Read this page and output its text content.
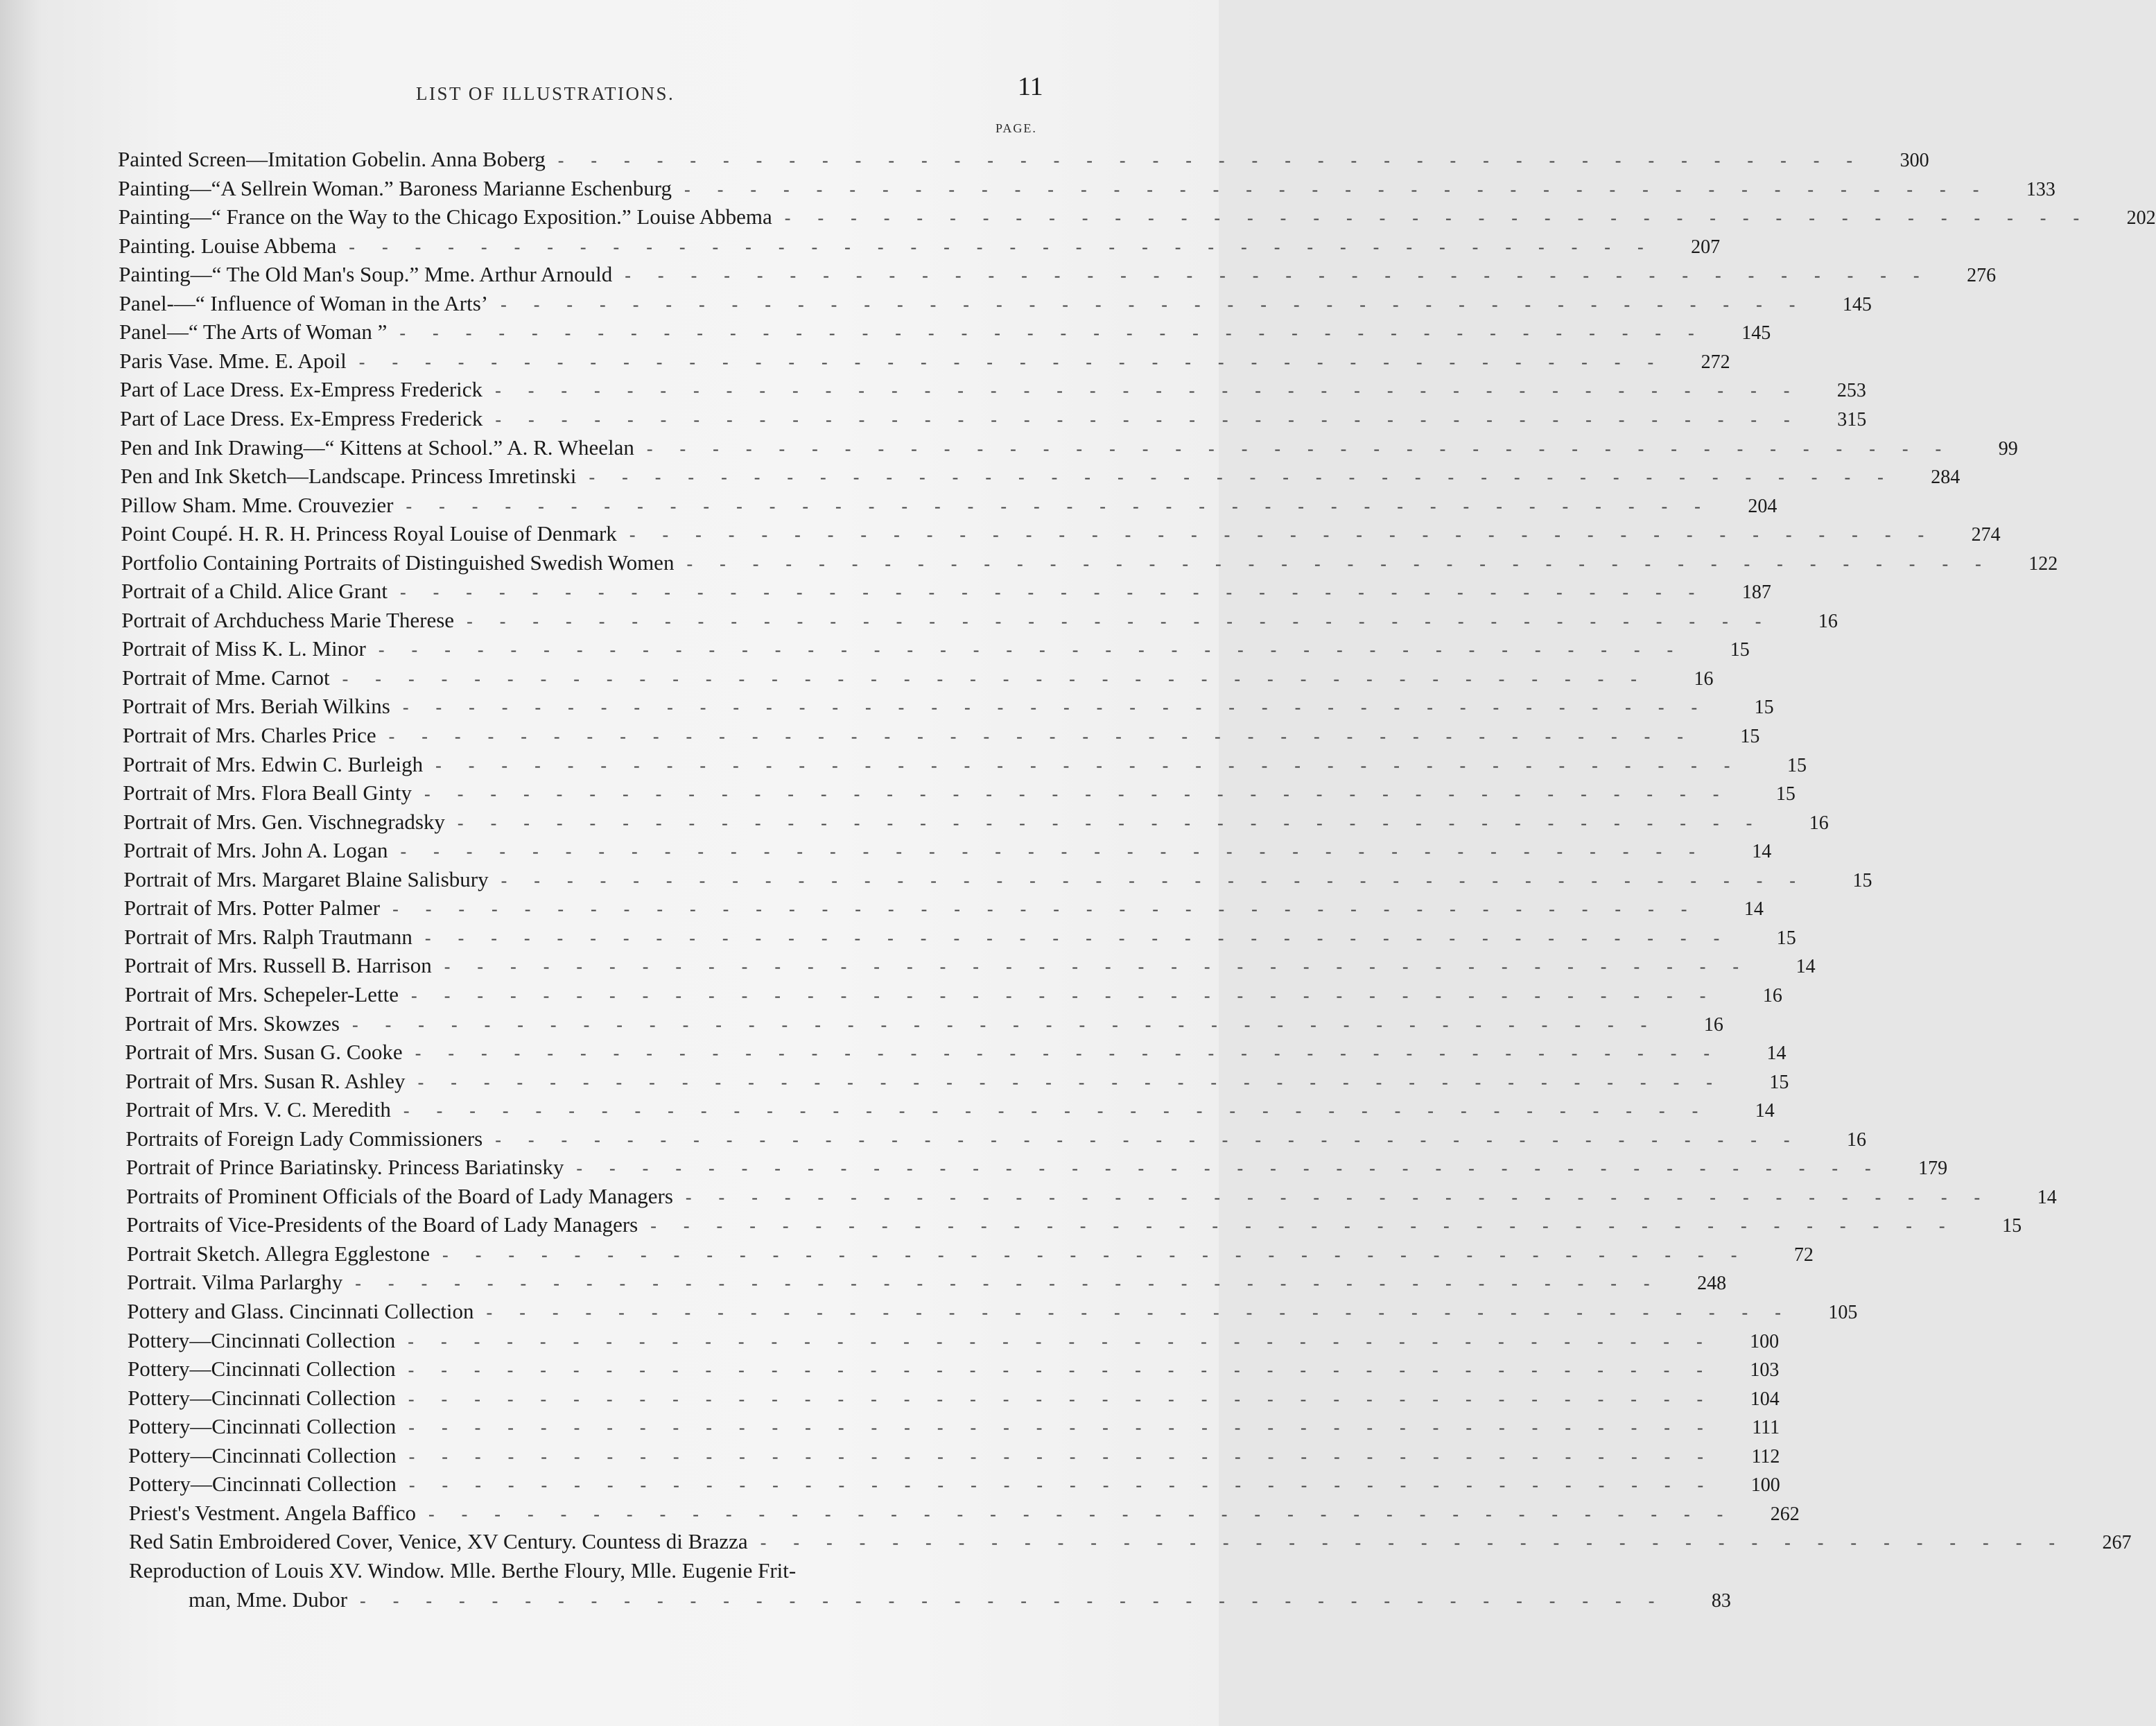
LIST OF ILLUSTRATIONS.	11
PAGE.
Painted Screen—Imitation Gobelin. Anna Boberg -      -      -      -      -      -      -      -      -      -      -      -      -      -      -      -      -      -      -      -      -      -      -      -      -      -      -      -      -      -      -      -      -      -      -      -      -      -      -      -	300
Painting—“A Sellrein Woman.” Baroness Marianne Eschenburg -      -      -      -      -      -      -      -      -      -      -      -      -      -      -      -      -      -      -      -      -      -      -      -      -      -      -      -      -      -      -      -      -      -      -      -      -      -      -      -	133
Painting—“ France on the Way to the Chicago Exposition.” Louise Abbema -      -      -      -      -      -      -      -      -      -      -      -      -      -      -      -      -      -      -      -      -      -      -      -      -      -      -      -      -      -      -      -      -      -      -      -      -      -      -      -	202
Painting. Louise Abbema -      -      -      -      -      -      -      -      -      -      -      -      -      -      -      -      -      -      -      -      -      -      -      -      -      -      -      -      -      -      -      -      -      -      -      -      -      -      -      -	207
Painting—“ The Old Man's Soup.” Mme. Arthur Arnould -      -      -      -      -      -      -      -      -      -      -      -      -      -      -      -      -      -      -      -      -      -      -      -      -      -      -      -      -      -      -      -      -      -      -      -      -      -      -      -	276
Panel-—“ Influence of Woman in the Arts’ -      -      -      -      -      -      -      -      -      -      -      -      -      -      -      -      -      -      -      -      -      -      -      -      -      -      -      -      -      -      -      -      -      -      -      -      -      -      -      -	145
Panel—“ The Arts of Woman ” -      -      -      -      -      -      -      -      -      -      -      -      -      -      -      -      -      -      -      -      -      -      -      -      -      -      -      -      -      -      -      -      -      -      -      -      -      -      -      -	145
Paris Vase. Mme. E. Apoil -      -      -      -      -      -      -      -      -      -      -      -      -      -      -      -      -      -      -      -      -      -      -      -      -      -      -      -      -      -      -      -      -      -      -      -      -      -      -      -	272
Part of Lace Dress. Ex-Empress Frederick -      -      -      -      -      -      -      -      -      -      -      -      -      -      -      -      -      -      -      -      -      -      -      -      -      -      -      -      -      -      -      -      -      -      -      -      -      -      -      -	253
Part of Lace Dress. Ex-Empress Frederick -      -      -      -      -      -      -      -      -      -      -      -      -      -      -      -      -      -      -      -      -      -      -      -      -      -      -      -      -      -      -      -      -      -      -      -      -      -      -      -	315
Pen and Ink Drawing—“ Kittens at School.” A. R. Wheelan -      -      -      -      -      -      -      -      -      -      -      -      -      -      -      -      -      -      -      -      -      -      -      -      -      -      -      -      -      -      -      -      -      -      -      -      -      -      -      -	99
Pen and Ink Sketch—Landscape. Princess Imretinski -      -      -      -      -      -      -      -      -      -      -      -      -      -      -      -      -      -      -      -      -      -      -      -      -      -      -      -      -      -      -      -      -      -      -      -      -      -      -      -	284
Pillow Sham. Mme. Crouvezier -      -      -      -      -      -      -      -      -      -      -      -      -      -      -      -      -      -      -      -      -      -      -      -      -      -      -      -      -      -      -      -      -      -      -      -      -      -      -      -	204
Point Coupé. H. R. H. Princess Royal Louise of Denmark -      -      -      -      -      -      -      -      -      -      -      -      -      -      -      -      -      -      -      -      -      -      -      -      -      -      -      -      -      -      -      -      -      -      -      -      -      -      -      -	274
Portfolio Containing Portraits of Distinguished Swedish Women -      -      -      -      -      -      -      -      -      -      -      -      -      -      -      -      -      -      -      -      -      -      -      -      -      -      -      -      -      -      -      -      -      -      -      -      -      -      -      -	122
Portrait of a Child. Alice Grant -      -      -      -      -      -      -      -      -      -      -      -      -      -      -      -      -      -      -      -      -      -      -      -      -      -      -      -      -      -      -      -      -      -      -      -      -      -      -      -	187
Portrait of Archduchess Marie Therese -      -      -      -      -      -      -      -      -      -      -      -      -      -      -      -      -      -      -      -      -      -      -      -      -      -      -      -      -      -      -      -      -      -      -      -      -      -      -      -	16
Portrait of Miss K. L. Minor -      -      -      -      -      -      -      -      -      -      -      -      -      -      -      -      -      -      -      -      -      -      -      -      -      -      -      -      -      -      -      -      -      -      -      -      -      -      -      -	15
Portrait of Mme. Carnot -      -      -      -      -      -      -      -      -      -      -      -      -      -      -      -      -      -      -      -      -      -      -      -      -      -      -      -      -      -      -      -      -      -      -      -      -      -      -      -	16
Portrait of Mrs. Beriah Wilkins -      -      -      -      -      -      -      -      -      -      -      -      -      -      -      -      -      -      -      -      -      -      -      -      -      -      -      -      -      -      -      -      -      -      -      -      -      -      -      -	15
Portrait of Mrs. Charles Price -      -      -      -      -      -      -      -      -      -      -      -      -      -      -      -      -      -      -      -      -      -      -      -      -      -      -      -      -      -      -      -      -      -      -      -      -      -      -      -	15
Portrait of Mrs. Edwin C. Burleigh -      -      -      -      -      -      -      -      -      -      -      -      -      -      -      -      -      -      -      -      -      -      -      -      -      -      -      -      -      -      -      -      -      -      -      -      -      -      -      -	15
Portrait of Mrs. Flora Beall Ginty -      -      -      -      -      -      -      -      -      -      -      -      -      -      -      -      -      -      -      -      -      -      -      -      -      -      -      -      -      -      -      -      -      -      -      -      -      -      -      -	15
Portrait of Mrs. Gen. Vischnegradsky -      -      -      -      -      -      -      -      -      -      -      -      -      -      -      -      -      -      -      -      -      -      -      -      -      -      -      -      -      -      -      -      -      -      -      -      -      -      -      -	16
Portrait of Mrs. John A. Logan -      -      -      -      -      -      -      -      -      -      -      -      -      -      -      -      -      -      -      -      -      -      -      -      -      -      -      -      -      -      -      -      -      -      -      -      -      -      -      -	14
Portrait of Mrs. Margaret Blaine Salisbury -      -      -      -      -      -      -      -      -      -      -      -      -      -      -      -      -      -      -      -      -      -      -      -      -      -      -      -      -      -      -      -      -      -      -      -      -      -      -      -	15
Portrait of Mrs. Potter Palmer -      -      -      -      -      -      -      -      -      -      -      -      -      -      -      -      -      -      -      -      -      -      -      -      -      -      -      -      -      -      -      -      -      -      -      -      -      -      -      -	14
Portrait of Mrs. Ralph Trautmann -      -      -      -      -      -      -      -      -      -      -      -      -      -      -      -      -      -      -      -      -      -      -      -      -      -      -      -      -      -      -      -      -      -      -      -      -      -      -      -	15
Portrait of Mrs. Russell B. Harrison -      -      -      -      -      -      -      -      -      -      -      -      -      -      -      -      -      -      -      -      -      -      -      -      -      -      -      -      -      -      -      -      -      -      -      -      -      -      -      -	14
Portrait of Mrs. Schepeler-Lette -      -      -      -      -      -      -      -      -      -      -      -      -      -      -      -      -      -      -      -      -      -      -      -      -      -      -      -      -      -      -      -      -      -      -      -      -      -      -      -	16
Portrait of Mrs. Skowzes -      -      -      -      -      -      -      -      -      -      -      -      -      -      -      -      -      -      -      -      -      -      -      -      -      -      -      -      -      -      -      -      -      -      -      -      -      -      -      -	16
Portrait of Mrs. Susan G. Cooke -      -      -      -      -      -      -      -      -      -      -      -      -      -      -      -      -      -      -      -      -      -      -      -      -      -      -      -      -      -      -      -      -      -      -      -      -      -      -      -	14
Portrait of Mrs. Susan R. Ashley -      -      -      -      -      -      -      -      -      -      -      -      -      -      -      -      -      -      -      -      -      -      -      -      -      -      -      -      -      -      -      -      -      -      -      -      -      -      -      -	15
Portrait of Mrs. V. C. Meredith -      -      -      -      -      -      -      -      -      -      -      -      -      -      -      -      -      -      -      -      -      -      -      -      -      -      -      -      -      -      -      -      -      -      -      -      -      -      -      -	14
Portraits of Foreign Lady Commissioners -      -      -      -      -      -      -      -      -      -      -      -      -      -      -      -      -      -      -      -      -      -      -      -      -      -      -      -      -      -      -      -      -      -      -      -      -      -      -      -	16
Portrait of Prince Bariatinsky. Princess Bariatinsky -      -      -      -      -      -      -      -      -      -      -      -      -      -      -      -      -      -      -      -      -      -      -      -      -      -      -      -      -      -      -      -      -      -      -      -      -      -      -      -	179
Portraits of Prominent Officials of the Board of Lady Managers -      -      -      -      -      -      -      -      -      -      -      -      -      -      -      -      -      -      -      -      -      -      -      -      -      -      -      -      -      -      -      -      -      -      -      -      -      -      -      -	14
Portraits of Vice-Presidents of the Board of Lady Managers -      -      -      -      -      -      -      -      -      -      -      -      -      -      -      -      -      -      -      -      -      -      -      -      -      -      -      -      -      -      -      -      -      -      -      -      -      -      -      -	15
Portrait Sketch. Allegra Egglestone -      -      -      -      -      -      -      -      -      -      -      -      -      -      -      -      -      -      -      -      -      -      -      -      -      -      -      -      -      -      -      -      -      -      -      -      -      -      -      -	72
Portrait. Vilma Parlarghy -      -      -      -      -      -      -      -      -      -      -      -      -      -      -      -      -      -      -      -      -      -      -      -      -      -      -      -      -      -      -      -      -      -      -      -      -      -      -      -	248
Pottery and Glass. Cincinnati Collection -      -      -      -      -      -      -      -      -      -      -      -      -      -      -      -      -      -      -      -      -      -      -      -      -      -      -      -      -      -      -      -      -      -      -      -      -      -      -      -	105
Pottery—Cincinnati Collection -      -      -      -      -      -      -      -      -      -      -      -      -      -      -      -      -      -      -      -      -      -      -      -      -      -      -      -      -      -      -      -      -      -      -      -      -      -      -      -	100
Pottery—Cincinnati Collection -      -      -      -      -      -      -      -      -      -      -      -      -      -      -      -      -      -      -      -      -      -      -      -      -      -      -      -      -      -      -      -      -      -      -      -      -      -      -      -	103
Pottery—Cincinnati Collection -      -      -      -      -      -      -      -      -      -      -      -      -      -      -      -      -      -      -      -      -      -      -      -      -      -      -      -      -      -      -      -      -      -      -      -      -      -      -      -	104
Pottery—Cincinnati Collection -      -      -      -      -      -      -      -      -      -      -      -      -      -      -      -      -      -      -      -      -      -      -      -      -      -      -      -      -      -      -      -      -      -      -      -      -      -      -      -	111
Pottery—Cincinnati Collection -      -      -      -      -      -      -      -      -      -      -      -      -      -      -      -      -      -      -      -      -      -      -      -      -      -      -      -      -      -      -      -      -      -      -      -      -      -      -      -	112
Pottery—Cincinnati Collection -      -      -      -      -      -      -      -      -      -      -      -      -      -      -      -      -      -      -      -      -      -      -      -      -      -      -      -      -      -      -      -      -      -      -      -      -      -      -      -	100
Priest's Vestment. Angela Baffico -      -      -      -      -      -      -      -      -      -      -      -      -      -      -      -      -      -      -      -      -      -      -      -      -      -      -      -      -      -      -      -      -      -      -      -      -      -      -      -	262
Red Satin Embroidered Cover, Venice, XV Century. Countess di Brazza -      -      -      -      -      -      -      -      -      -      -      -      -      -      -      -      -      -      -      -      -      -      -      -      -      -      -      -      -      -      -      -      -      -      -      -      -      -      -      -	267
Reproduction of Louis XV. Window. Mlle. Berthe Floury, Mlle. Eugenie Frit-
man, Mme. Dubor -      -      -      -      -      -      -      -      -      -      -      -      -      -      -      -      -      -      -      -      -      -      -      -      -      -      -      -      -      -      -      -      -      -      -      -      -      -      -      -	83
